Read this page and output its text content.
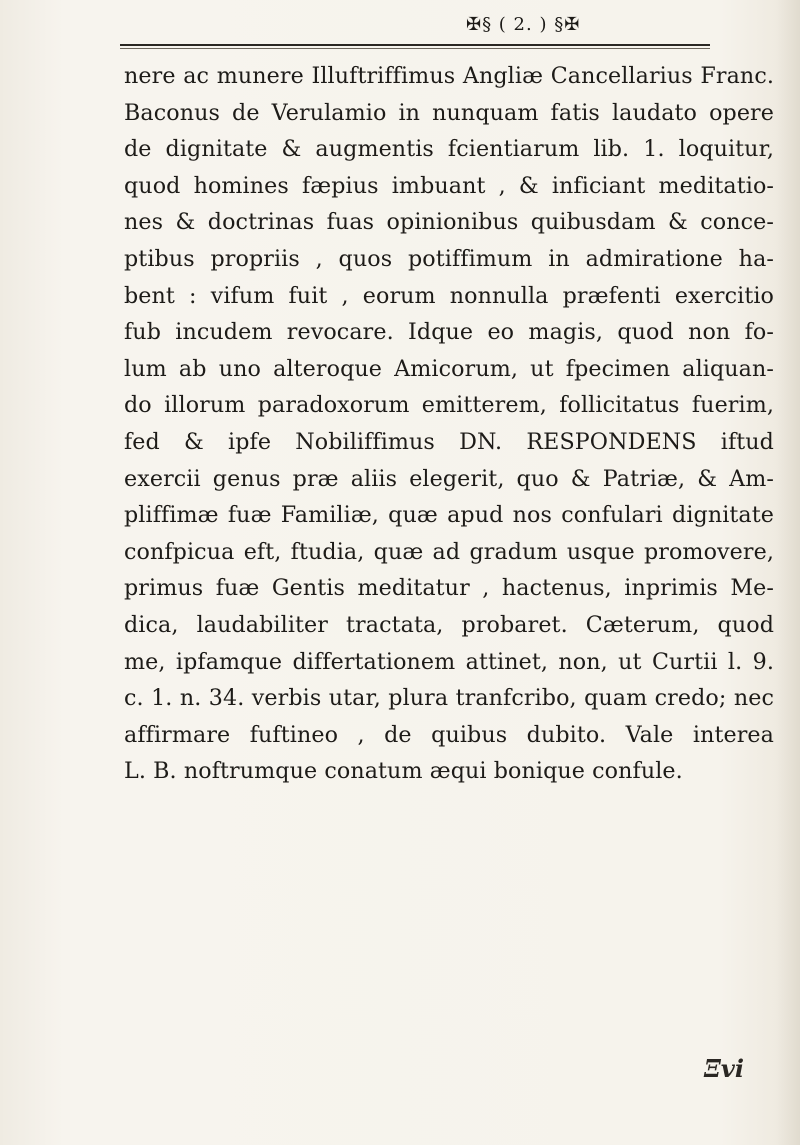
✠§ ( 2. ) §✠
nere ac munere Illuftriffimus Angliæ Cancellarius Franc.
Baconus de Verulamio in nunquam fatis laudato opere
de dignitate & augmentis fcientiarum lib. 1. loquitur,
quod homines fæpius imbuant , & inficiant meditatio-
nes & doctrinas fuas opinionibus quibusdam & conce-
ptibus propriis , quos potiffimum in admiratione ha-
bent : vifum fuit , eorum nonnulla præfenti exercitio
fub incudem revocare. Idque eo magis, quod non fo-
lum ab uno alteroque Amicorum, ut fpecimen aliquan-
do illorum paradoxorum emitterem, follicitatus fuerim,
fed & ipfe Nobiliffimus DN. RESPONDENS iftud
exercii genus præ aliis elegerit, quo & Patriæ, & Am-
pliffimæ fuæ Familiæ, quæ apud nos confulari dignitate
confpicua eft, ftudia, quæ ad gradum usque promovere,
primus fuæ Gentis meditatur , hactenus, inprimis Me-
dica, laudabiliter tractata, probaret. Cæterum, quod
me, ipfamque differtationem attinet, non, ut Curtii l. 9.
c. 1. n. 34. verbis utar, plura tranfcribo, quam credo; nec
affirmare fuftineo , de quibus dubito. Vale interea
L. B. noftrumque conatum æqui bonique confule.
Ξvi
